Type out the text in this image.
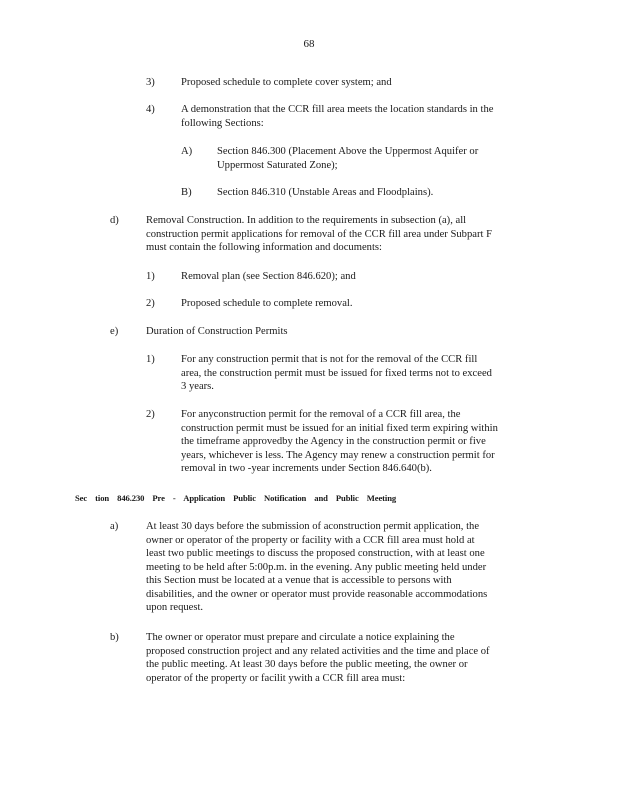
68
3) Proposed schedule to complete cover system; and
4) A demonstration that the CCR fill area meets the location standards in the
following Sections:
A) Section 846.300 (Placement Above the Uppermost Aquifer or
Uppermost Saturated Zone);
B) Section 846.310 (Unstable Areas and Floodplains).
d)	Removal Construction. In addition to the requirements in subsection (a), all
construction permit applications for removal of the CCR fill area under Subpart F
must contain the following information and documents:
1) Removal plan (see Section 846.620); and
2) Proposed schedule to complete removal.
e)	Duration of Construction Permits
1) For any construction permit that is not for the removal of the CCR fill
area, the construction permit must be issued for fixed terms not to exceed
3 years.
2) For anyconstruction permit for the removal of a CCR fill area, the
construction permit must be issued for an initial fixed term expiring within
the timeframe approvedby the Agency in the construction permit or five
years, whichever is less. The Agency may renew a construction permit for
removal in two -year increments under Section 846.640(b).
Sec tion 846.230 Pre - Application Public Notification and Public Meeting
a)	At least 30 days before the submission of aconstruction permit application, the
owner or operator of the property or facility with a CCR fill area must hold at
least two public meetings to discuss the proposed construction, with at least one
meeting to be held after 5:00p.m. in the evening. Any public meeting held under
this Section must be located at a venue that is accessible to persons with
disabilities, and the owner or operator must provide reasonable accommodations
upon request.
b)	The owner or operator must prepare and circulate a notice explaining the
proposed construction project and any related activities and the time and place of
the public meeting. At least 30 days before the public meeting, the owner or
operator of the property or facilit ywith a CCR fill area must:
